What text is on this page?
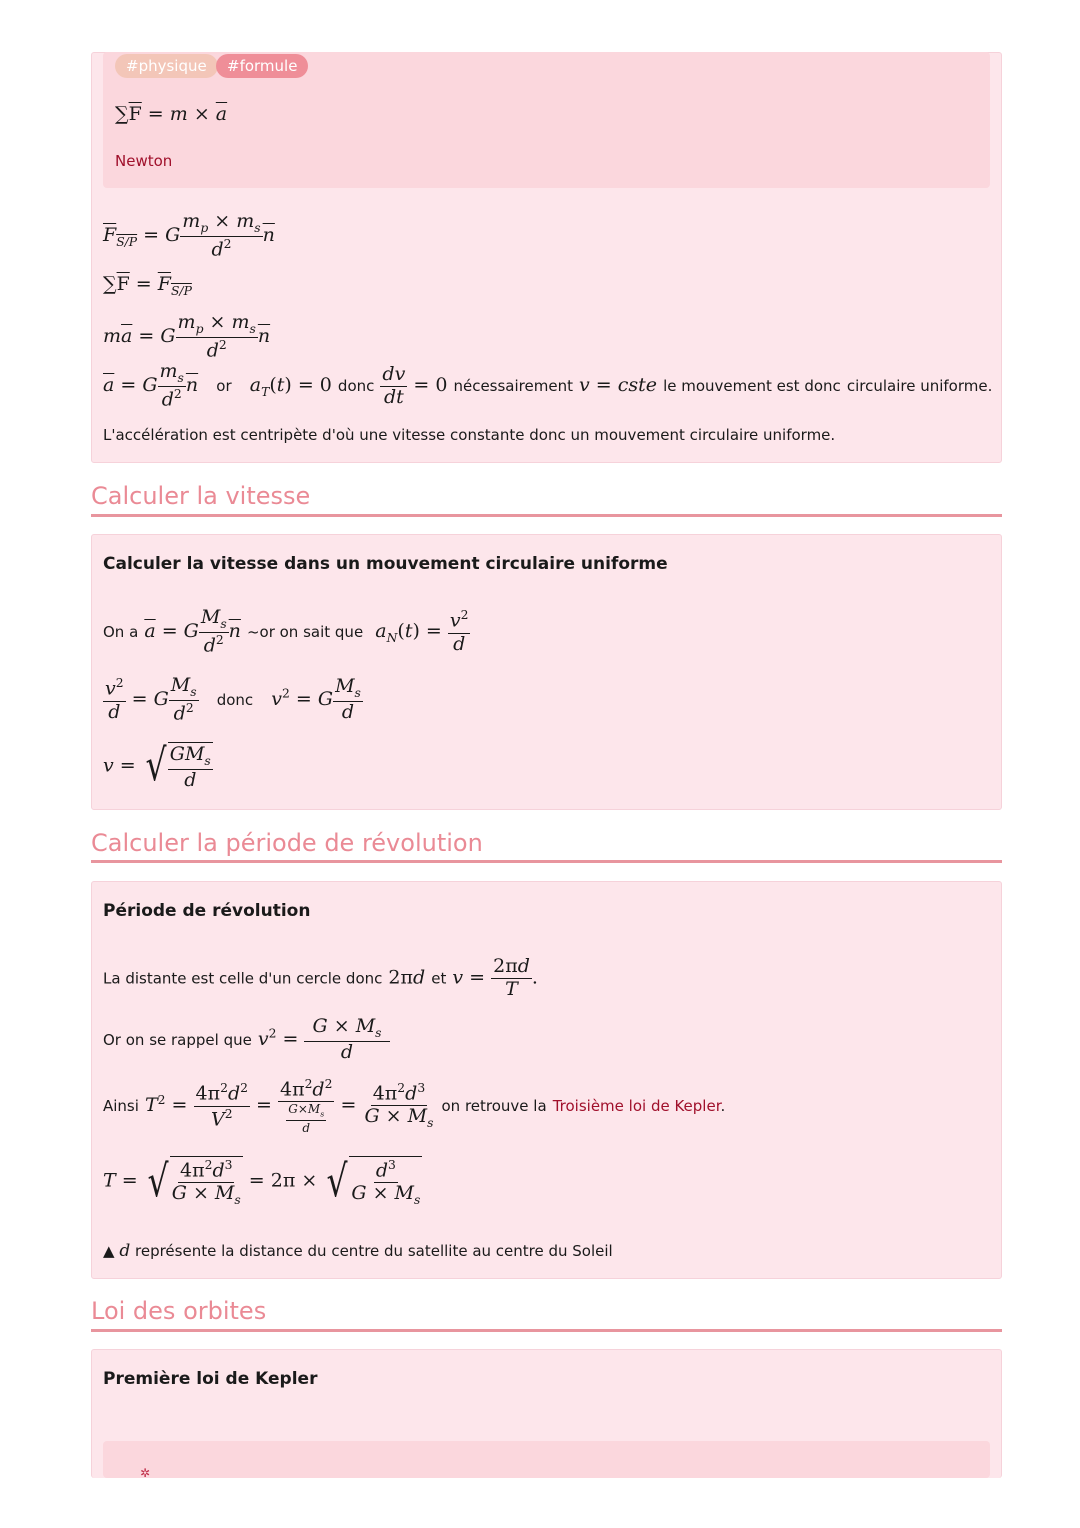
#physique	#formule
$\sum\overline{F} = m \times \overline{a}$
Newton
$F_{S/P} = G \frac{m_p \times m_s}{d^2} \overline{n}$
$\sum\overline{F} = F_{S/P}$
$m\overline{a} = G \frac{m_p \times m_s}{d^2} \overline{n}$
$\overline{a} = G \frac{m_s}{d^2} \overline{n}$ or $a_T(t) = 0$ donc $\frac{dv}{dt} = 0$ nécessairement v = cste le mouvement est donc circulaire uniforme.
L'accélération est centripète d'où une vitesse constante donc un mouvement circulaire uniforme.
Calculer la vitesse
Calculer la vitesse dans un mouvement circulaire uniforme
On a $\overline{a} = G \frac{M_s}{d^2} \overline{n}$ ~or on sait que $a_N(t) = \frac{v^2}{d}$
$\frac{v^2}{d} = G \frac{M_s}{d^2}$ donc $v^2 = G \frac{M_s}{d}$
v = √ $GM_s$
d
Calculer la période de révolution
Période de révolution
La distante est celle d'un cercle donc 2πd et $v = \frac{2\pi d}{T}$ .
Or on se rappel que $v^2 = \frac{G \times M_s}{d}$
Ainsi $T^2 = \frac{4\pi^2d^2}{V^2}$ =
$4\pi^2d^2$
$\frac{G\times M_s}{d} = \frac{4\pi^2d^3}{G \times M_s}$ on retrouve la Troisième loi de Kepler.
T = √ $\frac{4\pi^2d^3}{G \times M_s} = 2\pi$ × √ $\frac{d^3}{G \times M_s}$
▲ d représente la distance du centre du satellite au centre du Soleil
Loi des orbites
Première loi de Kepler
✲
